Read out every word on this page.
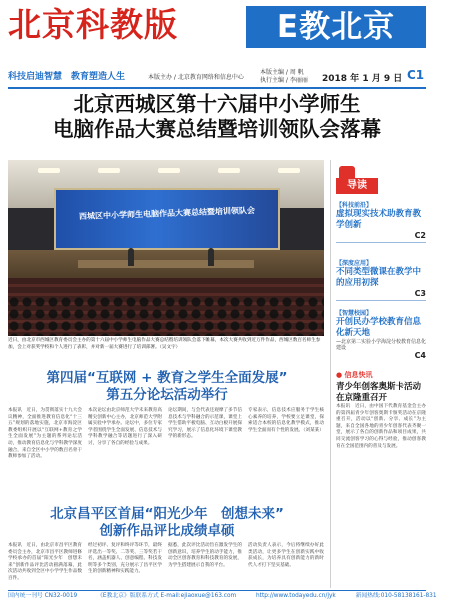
北京科教版	E教北京
科技启迪智慧　教育塑造人生	本版主办 / 北京教育网络和信息中心
本版主编 / 周 帆
执行主编 / 李丽丽 2018 年 1 月 9 日 C1
北京西城区第十六届中小学师生
电脑作品大赛总结暨培训领队会落幕
西城区中小学师生电脑作品大赛总结暨培训领队会
近日，由北京市西城区教育委员会主办的第十六届中小学师生电脑作品大赛总结暨培训领队会落下帷幕，本次大赛共收到近万件作品，西城区数百名师生参加，会上对获奖学校和个人进行了表彰，并对新一届大赛进行了培训部署。（吴文宇）
导读
【科技前沿】
虚拟现实技术助教育教学创新
C2
【深度应用】
不同类型微课在教学中的应用初探
C3
【智慧校园】
开创民办学校教育信息化新天地
—北京第二实验小学海淀分校教育信息化建设
C4
第四届“互联网 + 教育之学生全面发展”
第五分论坛活动举行
本报讯　近日，为贯彻落实十九大会议精神，全面推进教育信息化“十三五”规划的落地实施，北京市海淀区教委组织开展以“互联网+教育之学生全面发展”为主题的系列论坛活动，推动教育信息化与学科教学深度融合，来自全区中小学的数百名骨干教师参加了活动。
本次论坛由北京师范大学未来教育高精尖创新中心主办，北京师范大学附属实验中学承办。论坛中，多位专家学者围绕学生全面发展、信息技术与学科教学融合等话题进行了深入研讨，分享了各自的经验与成果。
论坛期间，与会代表还观摩了多节信息技术与学科融合的示范课，课堂上学生借助平板电脑、互动白板开展探究学习，展示了信息化环境下课堂教学的新形态。
专家表示，信息技术应服务于学生核心素养的培养，学校要立足课堂，探索适合本校的信息化教学模式，推动学生全面而有个性的发展。（刘某某）
北京昌平区首届“阳光少年　创想未来”
创新作品评比成绩卓硕
本报讯　近日，由北京市昌平区教育委员会主办，北京市昌平区教师进修学校承办的首届“阳光少年　创想未来”创新作品评比活动圆满落幕，此次活动共收到全区中小学学生作品数百件。
经过初评、复评和终评等环节，最终评选出一等奖、二等奖、三等奖若干名，涵盖机器人、创意编程、科技发明等多个类别，充分展示了昌平区学生的创新精神和实践能力。
据悉，此次评比活动旨在激发学生的创新意识，培养学生的动手能力，推动全区创客教育和科技教育的发展，为学生搭建展示自我的平台。
活动负责人表示，今后将继续办好此类活动，让更多学生在创新实践中收获成长，为培养具有创新能力的新时代人才打下坚实基础。
● 信息快讯
青少年创客奥斯卡活动在京隆重召开
本报讯　近日，由中国下代教育基金会主办的第四届青少年创客奥斯卡颁奖活动在京隆重召开，活动以“创新、分享、成长”为主题，来自全国各地的青少年创客代表齐聚一堂，展示了各自的创新作品和项目成果，共同交流创客学习的心得与经验，推动创客教育在全国范围内的普及与发展。
国内统一刊号 CN32-0019	《E教北京》版联系方式 E-mail:ejiaoxue@163.com	http://www.todayedu.cn/jyk	新闻热线:010-58138161-831
